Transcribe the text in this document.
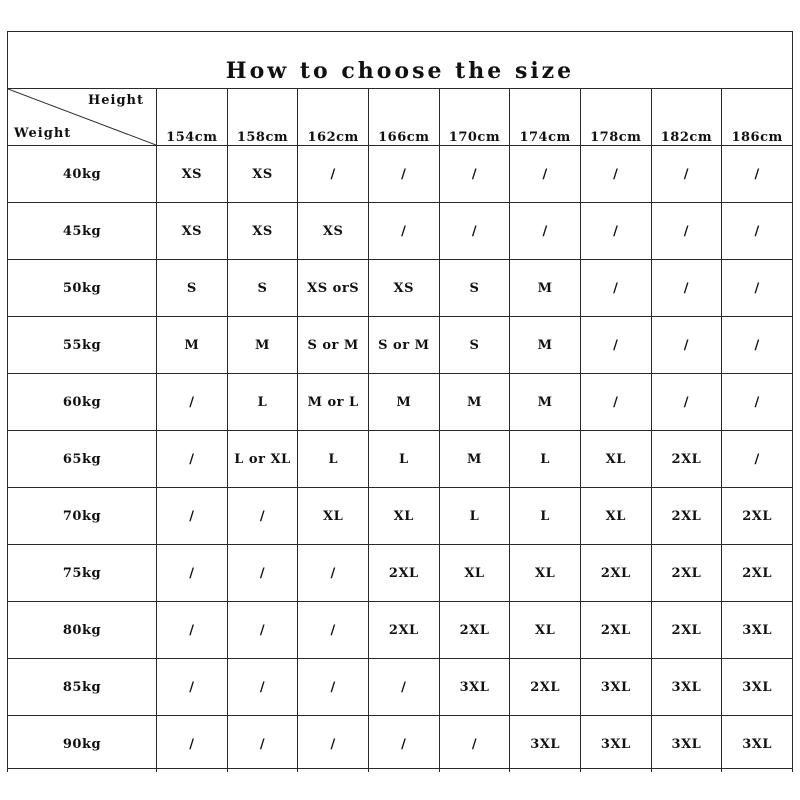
How to choose the size
Height
Weight	154cm	158cm	162cm	166cm	170cm	174cm	178cm	182cm	186cm
40kg	XS	XS	/	/	/	/	/	/	/
45kg	XS	XS	XS	/	/	/	/	/	/
50kg	S	S	XS orS	XS	S	M	/	/	/
55kg	M	M	S or M	S or M	S	M	/	/	/
60kg	/	L	M or L	M	M	M	/	/	/
65kg	/	L or XL	L	L	M	L	XL	2XL	/
70kg	/	/	XL	XL	L	L	XL	2XL	2XL
75kg	/	/	/	2XL	XL	XL	2XL	2XL	2XL
80kg	/	/	/	2XL	2XL	XL	2XL	2XL	3XL
85kg	/	/	/	/	3XL	2XL	3XL	3XL	3XL
90kg	/	/	/	/	/	3XL	3XL	3XL	3XL
